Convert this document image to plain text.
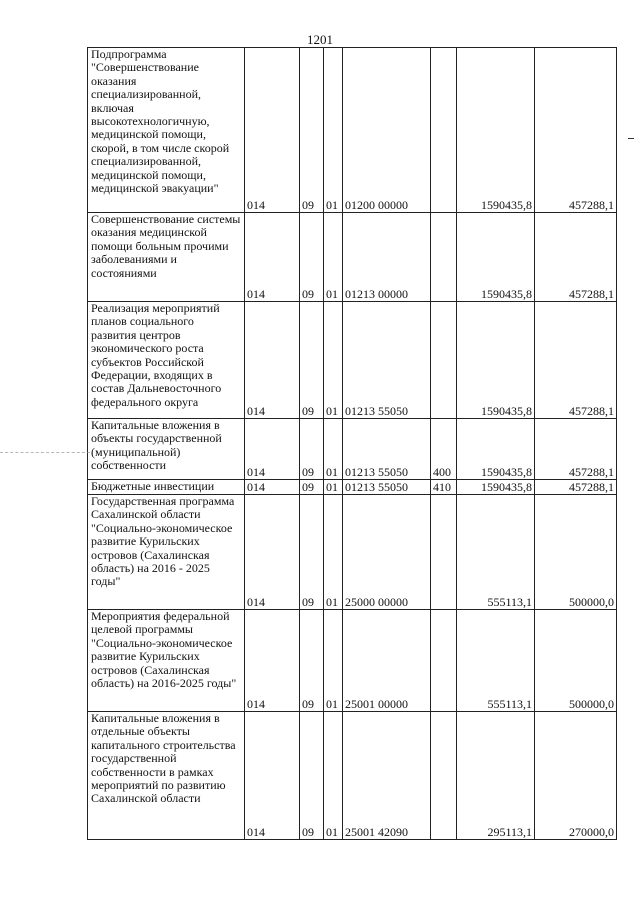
1201
Подпрограмма "Совершенствование оказания специализированной, включая высокотехнологичную, медицинской помощи, скорой, в том числе скорой специализированной, медицинской помощи, медицинской эвакуации"	014	09	01	01200 00000		1590435,8	457288,1
Совершенствование системы оказания медицинской помощи больным прочими заболеваниями и состояниями	014	09	01	01213 00000		1590435,8	457288,1
Реализация мероприятий планов социального развития центров экономического роста субъектов Российской Федерации, входящих в состав Дальневосточного федерального округа	014	09	01	01213 55050		1590435,8	457288,1
Капитальные вложения в объекты государственной (муниципальной) собственности	014	09	01	01213 55050	400	1590435,8	457288,1
Бюджетные инвестиции	014	09	01	01213 55050	410	1590435,8	457288,1
Государственная программа Сахалинской области "Социально-экономическое развитие Курильских островов (Сахалинская область) на 2016 - 2025 годы"	014	09	01	25000 00000		555113,1	500000,0
Мероприятия федеральной целевой программы "Социально-экономическое развитие Курильских островов (Сахалинская область) на 2016-2025 годы"	014	09	01	25001 00000		555113,1	500000,0
Капитальные вложения в отдельные объекты капитального строительства государственной собственности в рамках мероприятий по развитию Сахалинской области	014	09	01	25001 42090		295113,1	270000,0
